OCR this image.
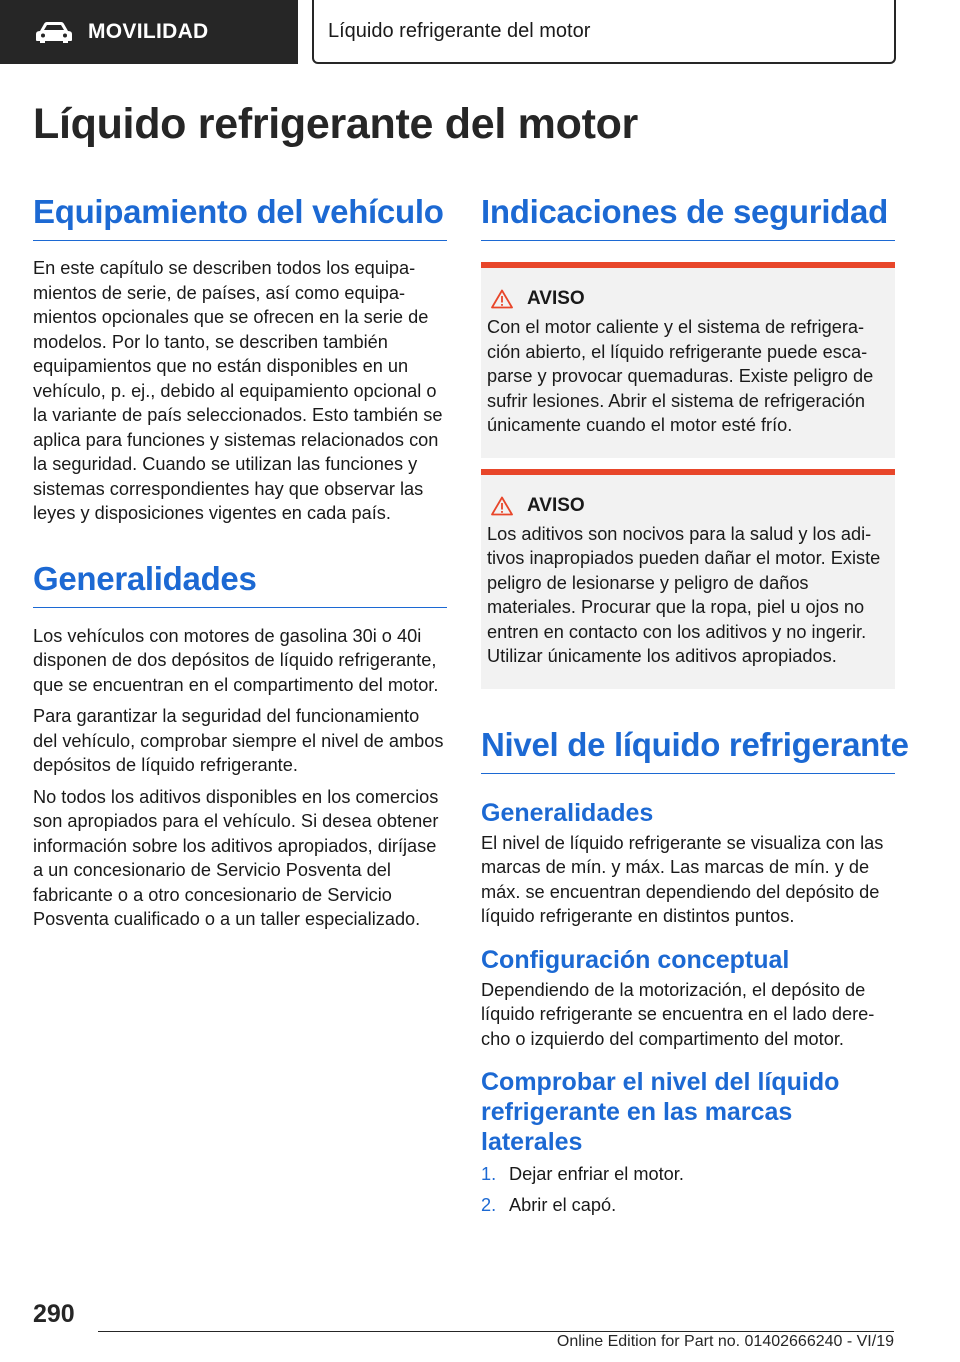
MOVILIDAD	Líquido refrigerante del motor
Líquido refrigerante del motor
Equipamiento del vehículo

En este capítulo se describen todos los equipamientos de serie, de países, así como equipamientos opcionales que se ofrecen en la serie de modelos. Por lo tanto, se describen también equipamientos que no están disponibles en un vehículo, p. ej., debido al equipamiento opcional o la variante de país seleccionados. Esto también se aplica para funciones y sistemas relacionados con la seguridad. Cuando se utilizan las funciones y sistemas correspondientes hay que observar las leyes y disposiciones vigentes en cada país.

Generalidades

Los vehículos con motores de gasolina 30i o 40i disponen de dos depósitos de líquido refrigerante, que se encuentran en el compartimento del motor.

Para garantizar la seguridad del funcionamiento del vehículo, comprobar siempre el nivel de ambos depósitos de líquido refrigerante.

No todos los aditivos disponibles en los comercios son apropiados para el vehículo. Si desea obtener información sobre los aditivos apropiados, diríjase a un concesionario de Servicio Posventa del fabricante o a otro concesionario de Servicio Posventa cualificado o a un taller especializado.

Indicaciones de seguridad
AVISO

Con el motor caliente y el sistema de refrigeración abierto, el líquido refrigerante puede escaparse y provocar quemaduras. Existe peligro de sufrir lesiones. Abrir el sistema de refrigeración únicamente cuando el motor esté frío.

AVISO

Los aditivos son nocivos para la salud y los aditivos inapropiados pueden dañar el motor. Existe peligro de lesionarse y peligro de daños materiales. Procurar que la ropa, piel u ojos no entren en contacto con los aditivos y no ingerir. Utilizar únicamente los aditivos apropiados.

Nivel de líquido refrigerante
Generalidades

El nivel de líquido refrigerante se visualiza con las marcas de mín. y máx. Las marcas de mín. y de máx. se encuentran dependiendo del depósito de líquido refrigerante en distintos puntos.

Configuración conceptual

Dependiendo de la motorización, el depósito de líquido refrigerante se encuentra en el lado derecho o izquierdo del compartimento del motor.

Comprobar el nivel del líquido refrigerante en las marcas laterales
1. Dejar enfriar el motor.
2. Abrir el capó.
290
Online Edition for Part no. 01402666240 - VI/19
